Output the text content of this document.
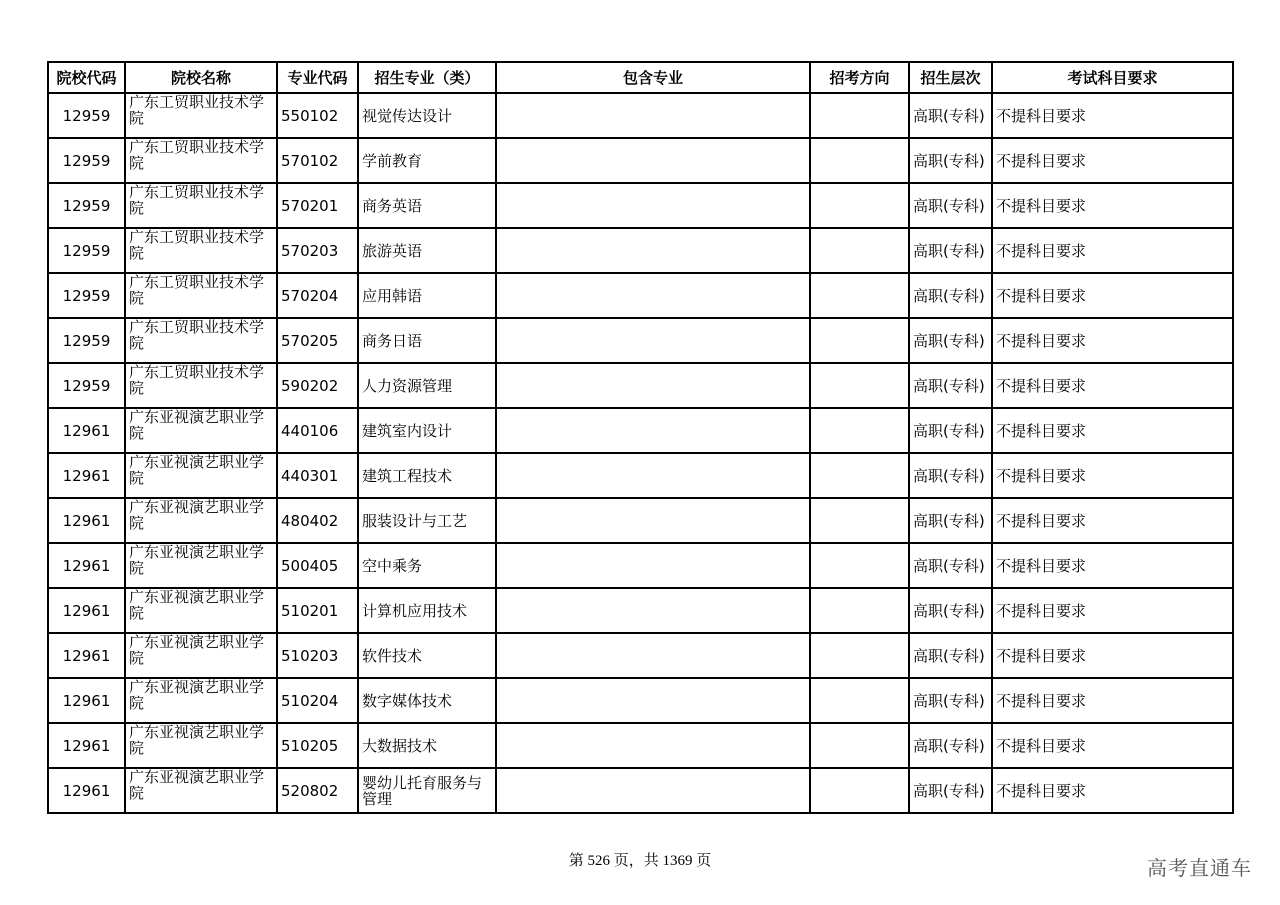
院校代码	院校名称	专业代码	招生专业（类）	包含专业	招考方向	招生层次	考试科目要求
12959	广东工贸职业技术学院	550102	视觉传达设计			高职(专科)	不提科目要求
12959	广东工贸职业技术学院	570102	学前教育			高职(专科)	不提科目要求
12959	广东工贸职业技术学院	570201	商务英语			高职(专科)	不提科目要求
12959	广东工贸职业技术学院	570203	旅游英语			高职(专科)	不提科目要求
12959	广东工贸职业技术学院	570204	应用韩语			高职(专科)	不提科目要求
12959	广东工贸职业技术学院	570205	商务日语			高职(专科)	不提科目要求
12959	广东工贸职业技术学院	590202	人力资源管理			高职(专科)	不提科目要求
12961	广东亚视演艺职业学院	440106	建筑室内设计			高职(专科)	不提科目要求
12961	广东亚视演艺职业学院	440301	建筑工程技术			高职(专科)	不提科目要求
12961	广东亚视演艺职业学院	480402	服装设计与工艺			高职(专科)	不提科目要求
12961	广东亚视演艺职业学院	500405	空中乘务			高职(专科)	不提科目要求
12961	广东亚视演艺职业学院	510201	计算机应用技术			高职(专科)	不提科目要求
12961	广东亚视演艺职业学院	510203	软件技术			高职(专科)	不提科目要求
12961	广东亚视演艺职业学院	510204	数字媒体技术			高职(专科)	不提科目要求
12961	广东亚视演艺职业学院	510205	大数据技术			高职(专科)	不提科目要求
12961	广东亚视演艺职业学院	520802	婴幼儿托育服务与管理			高职(专科)	不提科目要求
第 526 页，共 1369 页	高考直通车
